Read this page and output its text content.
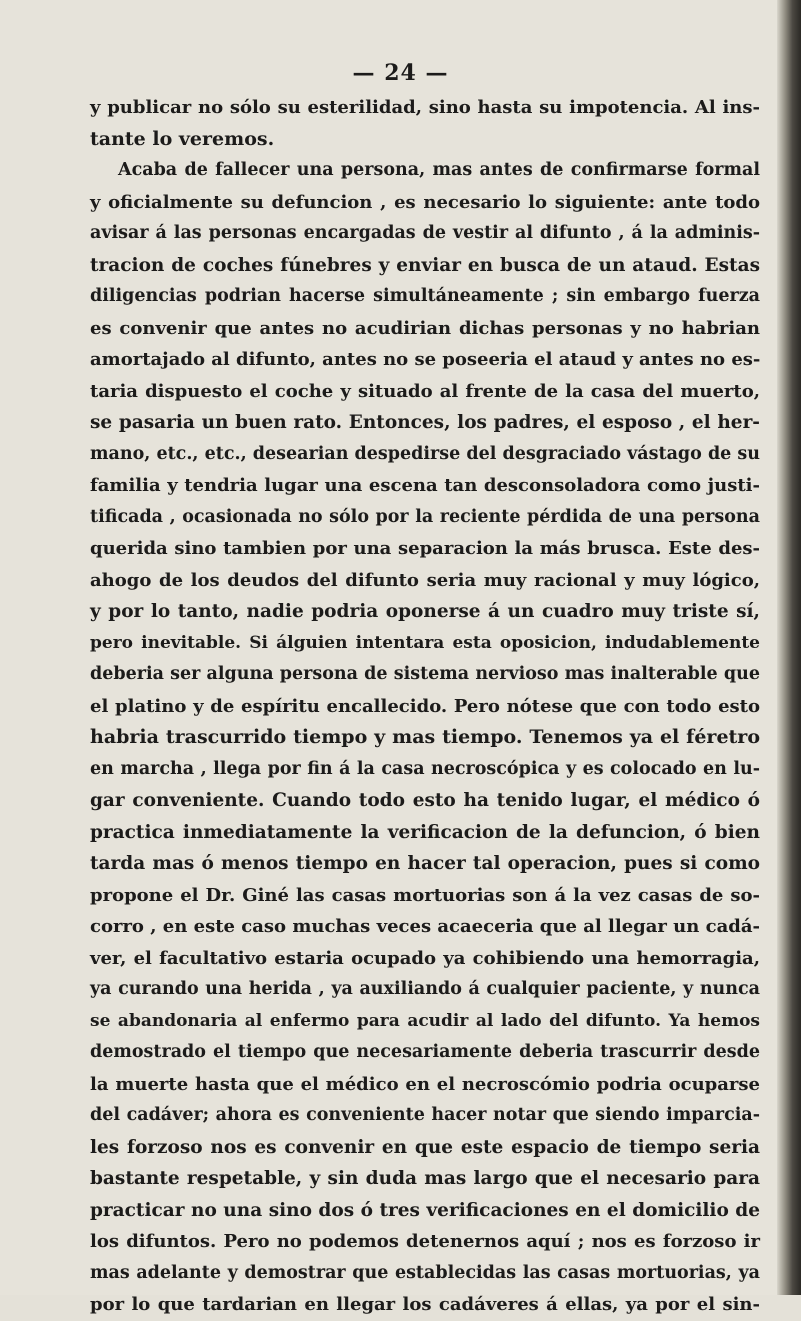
— 24 —
y publicar no sólo su esterilidad, sino hasta su impotencia. Al ins-
tante lo veremos.
Acaba de fallecer una persona, mas antes de confirmarse formal
y oficialmente su defuncion , es necesario lo siguiente: ante todo
avisar á las personas encargadas de vestir al difunto , á la adminis-
tracion de coches fúnebres y enviar en busca de un ataud. Estas
diligencias podrian hacerse simultáneamente ; sin embargo fuerza
es convenir que antes no acudirian dichas personas y no habrian
amortajado al difunto, antes no se poseeria el ataud y antes no es-
taria dispuesto el coche y situado al frente de la casa del muerto,
se pasaria un buen rato. Entonces, los padres, el esposo , el her-
mano, etc., etc., desearian despedirse del desgraciado vástago de su
familia y tendria lugar una escena tan desconsoladora como justi-
tificada , ocasionada no sólo por la reciente pérdida de una persona
querida sino tambien por una separacion la más brusca. Este des-
ahogo de los deudos del difunto seria muy racional y muy lógico,
y por lo tanto, nadie podria oponerse á un cuadro muy triste sí,
pero inevitable. Si álguien intentara esta oposicion, indudablemente
deberia ser alguna persona de sistema nervioso mas inalterable que
el platino y de espíritu encallecido. Pero nótese que con todo esto
habria trascurrido tiempo y mas tiempo. Tenemos ya el féretro
en marcha , llega por fin á la casa necroscópica y es colocado en lu-
gar conveniente. Cuando todo esto ha tenido lugar, el médico ó
practica inmediatamente la verificacion de la defuncion, ó bien
tarda mas ó menos tiempo en hacer tal operacion, pues si como
propone el Dr. Giné las casas mortuorias son á la vez casas de so-
corro , en este caso muchas veces acaeceria que al llegar un cadá-
ver, el facultativo estaria ocupado ya cohibiendo una hemorragia,
ya curando una herida , ya auxiliando á cualquier paciente, y nunca
se abandonaria al enfermo para acudir al lado del difunto. Ya hemos
demostrado el tiempo que necesariamente deberia trascurrir desde
la muerte hasta que el médico en el necroscómio podria ocuparse
del cadáver; ahora es conveniente hacer notar que siendo imparcia-
les forzoso nos es convenir en que este espacio de tiempo seria
bastante respetable, y sin duda mas largo que el necesario para
practicar no una sino dos ó tres verificaciones en el domicilio de
los difuntos. Pero no podemos detenernos aquí ; nos es forzoso ir
mas adelante y demostrar que establecidas las casas mortuorias, ya
por lo que tardarian en llegar los cadáveres á ellas, ya por el sin-
